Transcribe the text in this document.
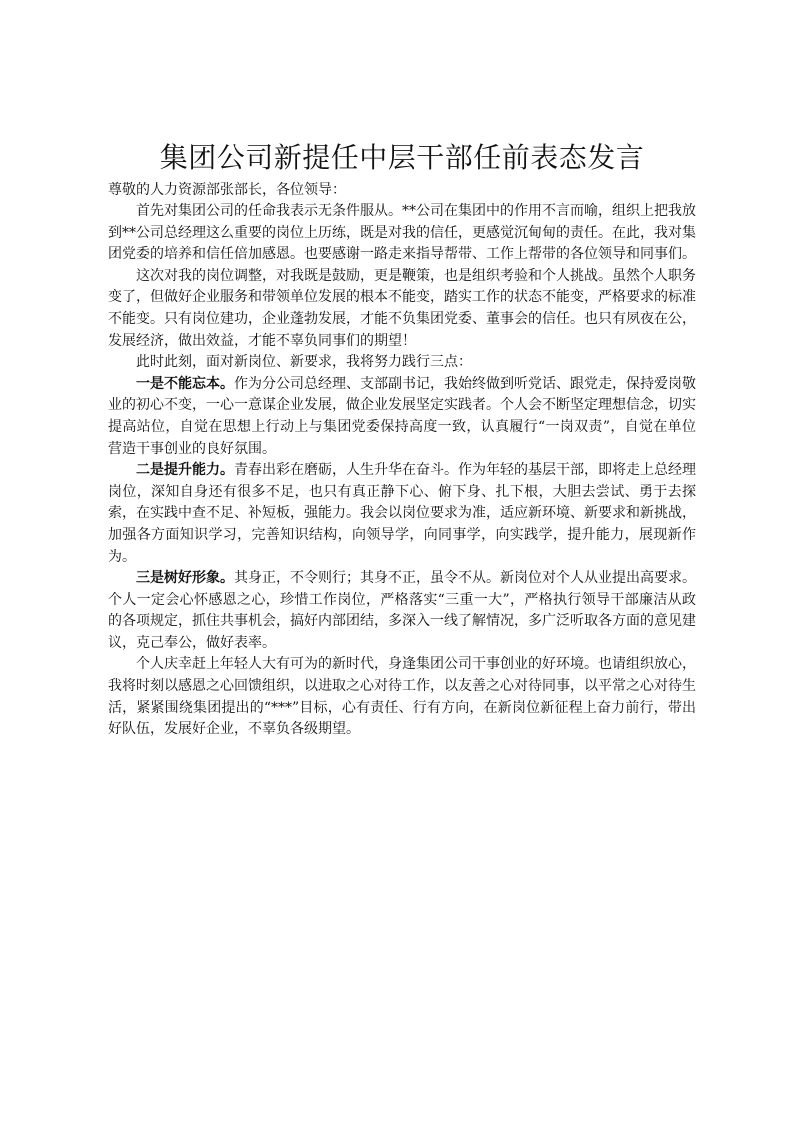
集团公司新提任中层干部任前表态发言

尊敬的人力资源部张部长，各位领导：

首先对集团公司的任命我表示无条件服从。**公司在集团中的作用不言而喻，组织上把我放到**公司总经理这么重要的岗位上历练，既是对我的信任，更感觉沉甸甸的责任。在此，我对集团党委的培养和信任倍加感恩。也要感谢一路走来指导帮带、工作上帮带的各位领导和同事们。

这次对我的岗位调整，对我既是鼓励，更是鞭策，也是组织考验和个人挑战。虽然个人职务变了，但做好企业服务和带领单位发展的根本不能变，踏实工作的状态不能变，严格要求的标准不能变。只有岗位建功，企业蓬勃发展，才能不负集团党委、董事会的信任。也只有夙夜在公，发展经济，做出效益，才能不辜负同事们的期望！

此时此刻，面对新岗位、新要求，我将努力践行三点：

一是不能忘本。作为分公司总经理、支部副书记，我始终做到听党话、跟党走，保持爱岗敬业的初心不变，一心一意谋企业发展，做企业发展坚定实践者。个人会不断坚定理想信念，切实提高站位，自觉在思想上行动上与集团党委保持高度一致，认真履行“一岗双责”，自觉在单位营造干事创业的良好氛围。

二是提升能力。青春出彩在磨砺，人生升华在奋斗。作为年轻的基层干部，即将走上总经理岗位，深知自身还有很多不足，也只有真正静下心、俯下身、扎下根，大胆去尝试、勇于去探索，在实践中查不足、补短板，强能力。我会以岗位要求为准，适应新环境、新要求和新挑战，加强各方面知识学习，完善知识结构，向领导学，向同事学，向实践学，提升能力，展现新作为。

三是树好形象。其身正，不令则行；其身不正，虽令不从。新岗位对个人从业提出高要求。个人一定会心怀感恩之心，珍惜工作岗位，严格落实“三重一大”，严格执行领导干部廉洁从政的各项规定，抓住共事机会，搞好内部团结，多深入一线了解情况，多广泛听取各方面的意见建议，克己奉公，做好表率。

个人庆幸赶上年轻人大有可为的新时代，身逢集团公司干事创业的好环境。也请组织放心，我将时刻以感恩之心回馈组织，以进取之心对待工作，以友善之心对待同事，以平常之心对待生活，紧紧围绕集团提出的“***”目标，心有责任、行有方向，在新岗位新征程上奋力前行，带出好队伍，发展好企业，不辜负各级期望。
